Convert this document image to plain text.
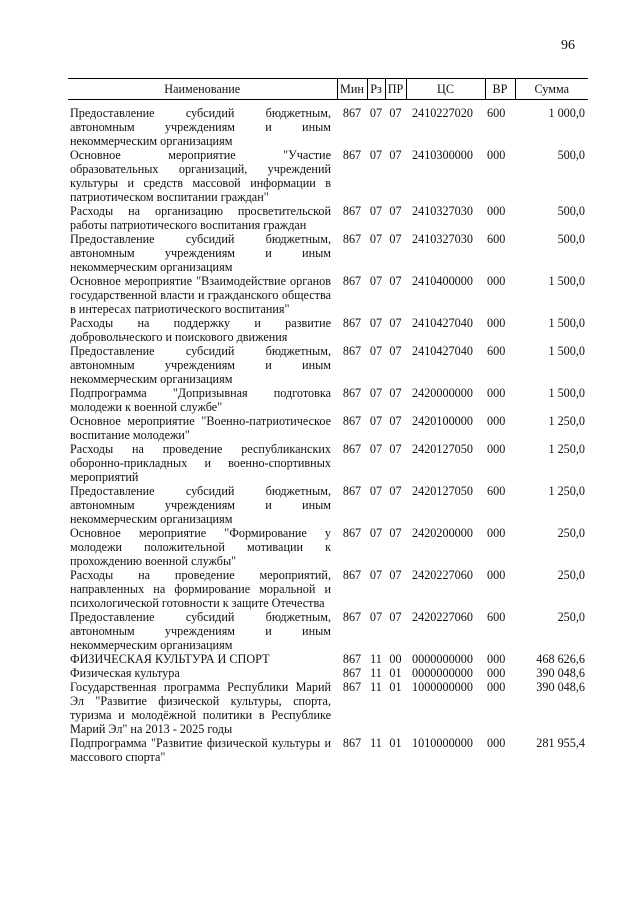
96
Наименование	Мин	Рз	ПР	ЦС	ВР	Сумма
Предоставление субсидий бюджетным, автономным учреждениям и иным некоммерческим организациям	867	07	07	2410227020	600	1 000,0
Основное мероприятие "Участие образовательных организаций, учреждений культуры и средств массовой информации в патриотическом воспитании граждан"	867	07	07	2410300000	000	500,0
Расходы на организацию просветительской работы патриотического воспитания граждан	867	07	07	2410327030	000	500,0
Предоставление субсидий бюджетным, автономным учреждениям и иным некоммерческим организациям	867	07	07	2410327030	600	500,0
Основное мероприятие "Взаимодействие органов государственной власти и гражданского общества в интересах патриотического воспитания"	867	07	07	2410400000	000	1 500,0
Расходы на поддержку и развитие добровольческого и поискового движения	867	07	07	2410427040	000	1 500,0
Предоставление субсидий бюджетным, автономным учреждениям и иным некоммерческим организациям	867	07	07	2410427040	600	1 500,0
Подпрограмма "Допризывная подготовка молодежи к военной службе"	867	07	07	2420000000	000	1 500,0
Основное мероприятие "Военно-патриотическое воспитание молодежи"	867	07	07	2420100000	000	1 250,0
Расходы на проведение республиканских оборонно-прикладных и военно-спортивных мероприятий	867	07	07	2420127050	000	1 250,0
Предоставление субсидий бюджетным, автономным учреждениям и иным некоммерческим организациям	867	07	07	2420127050	600	1 250,0
Основное мероприятие "Формирование у молодежи положительной мотивации к прохождению военной службы"	867	07	07	2420200000	000	250,0
Расходы на проведение мероприятий, направленных на формирование моральной и психологической готовности к защите Отечества	867	07	07	2420227060	000	250,0
Предоставление субсидий бюджетным, автономным учреждениям и иным некоммерческим организациям	867	07	07	2420227060	600	250,0
ФИЗИЧЕСКАЯ КУЛЬТУРА И СПОРТ	867	11	00	0000000000	000	468 626,6
Физическая культура	867	11	01	0000000000	000	390 048,6
Государственная программа Республики Марий Эл "Развитие физической культуры, спорта, туризма и молодёжной политики в Республике Марий Эл" на 2013 - 2025 годы	867	11	01	1000000000	000	390 048,6
Подпрограмма "Развитие физической культуры и массового спорта"	867	11	01	1010000000	000	281 955,4
